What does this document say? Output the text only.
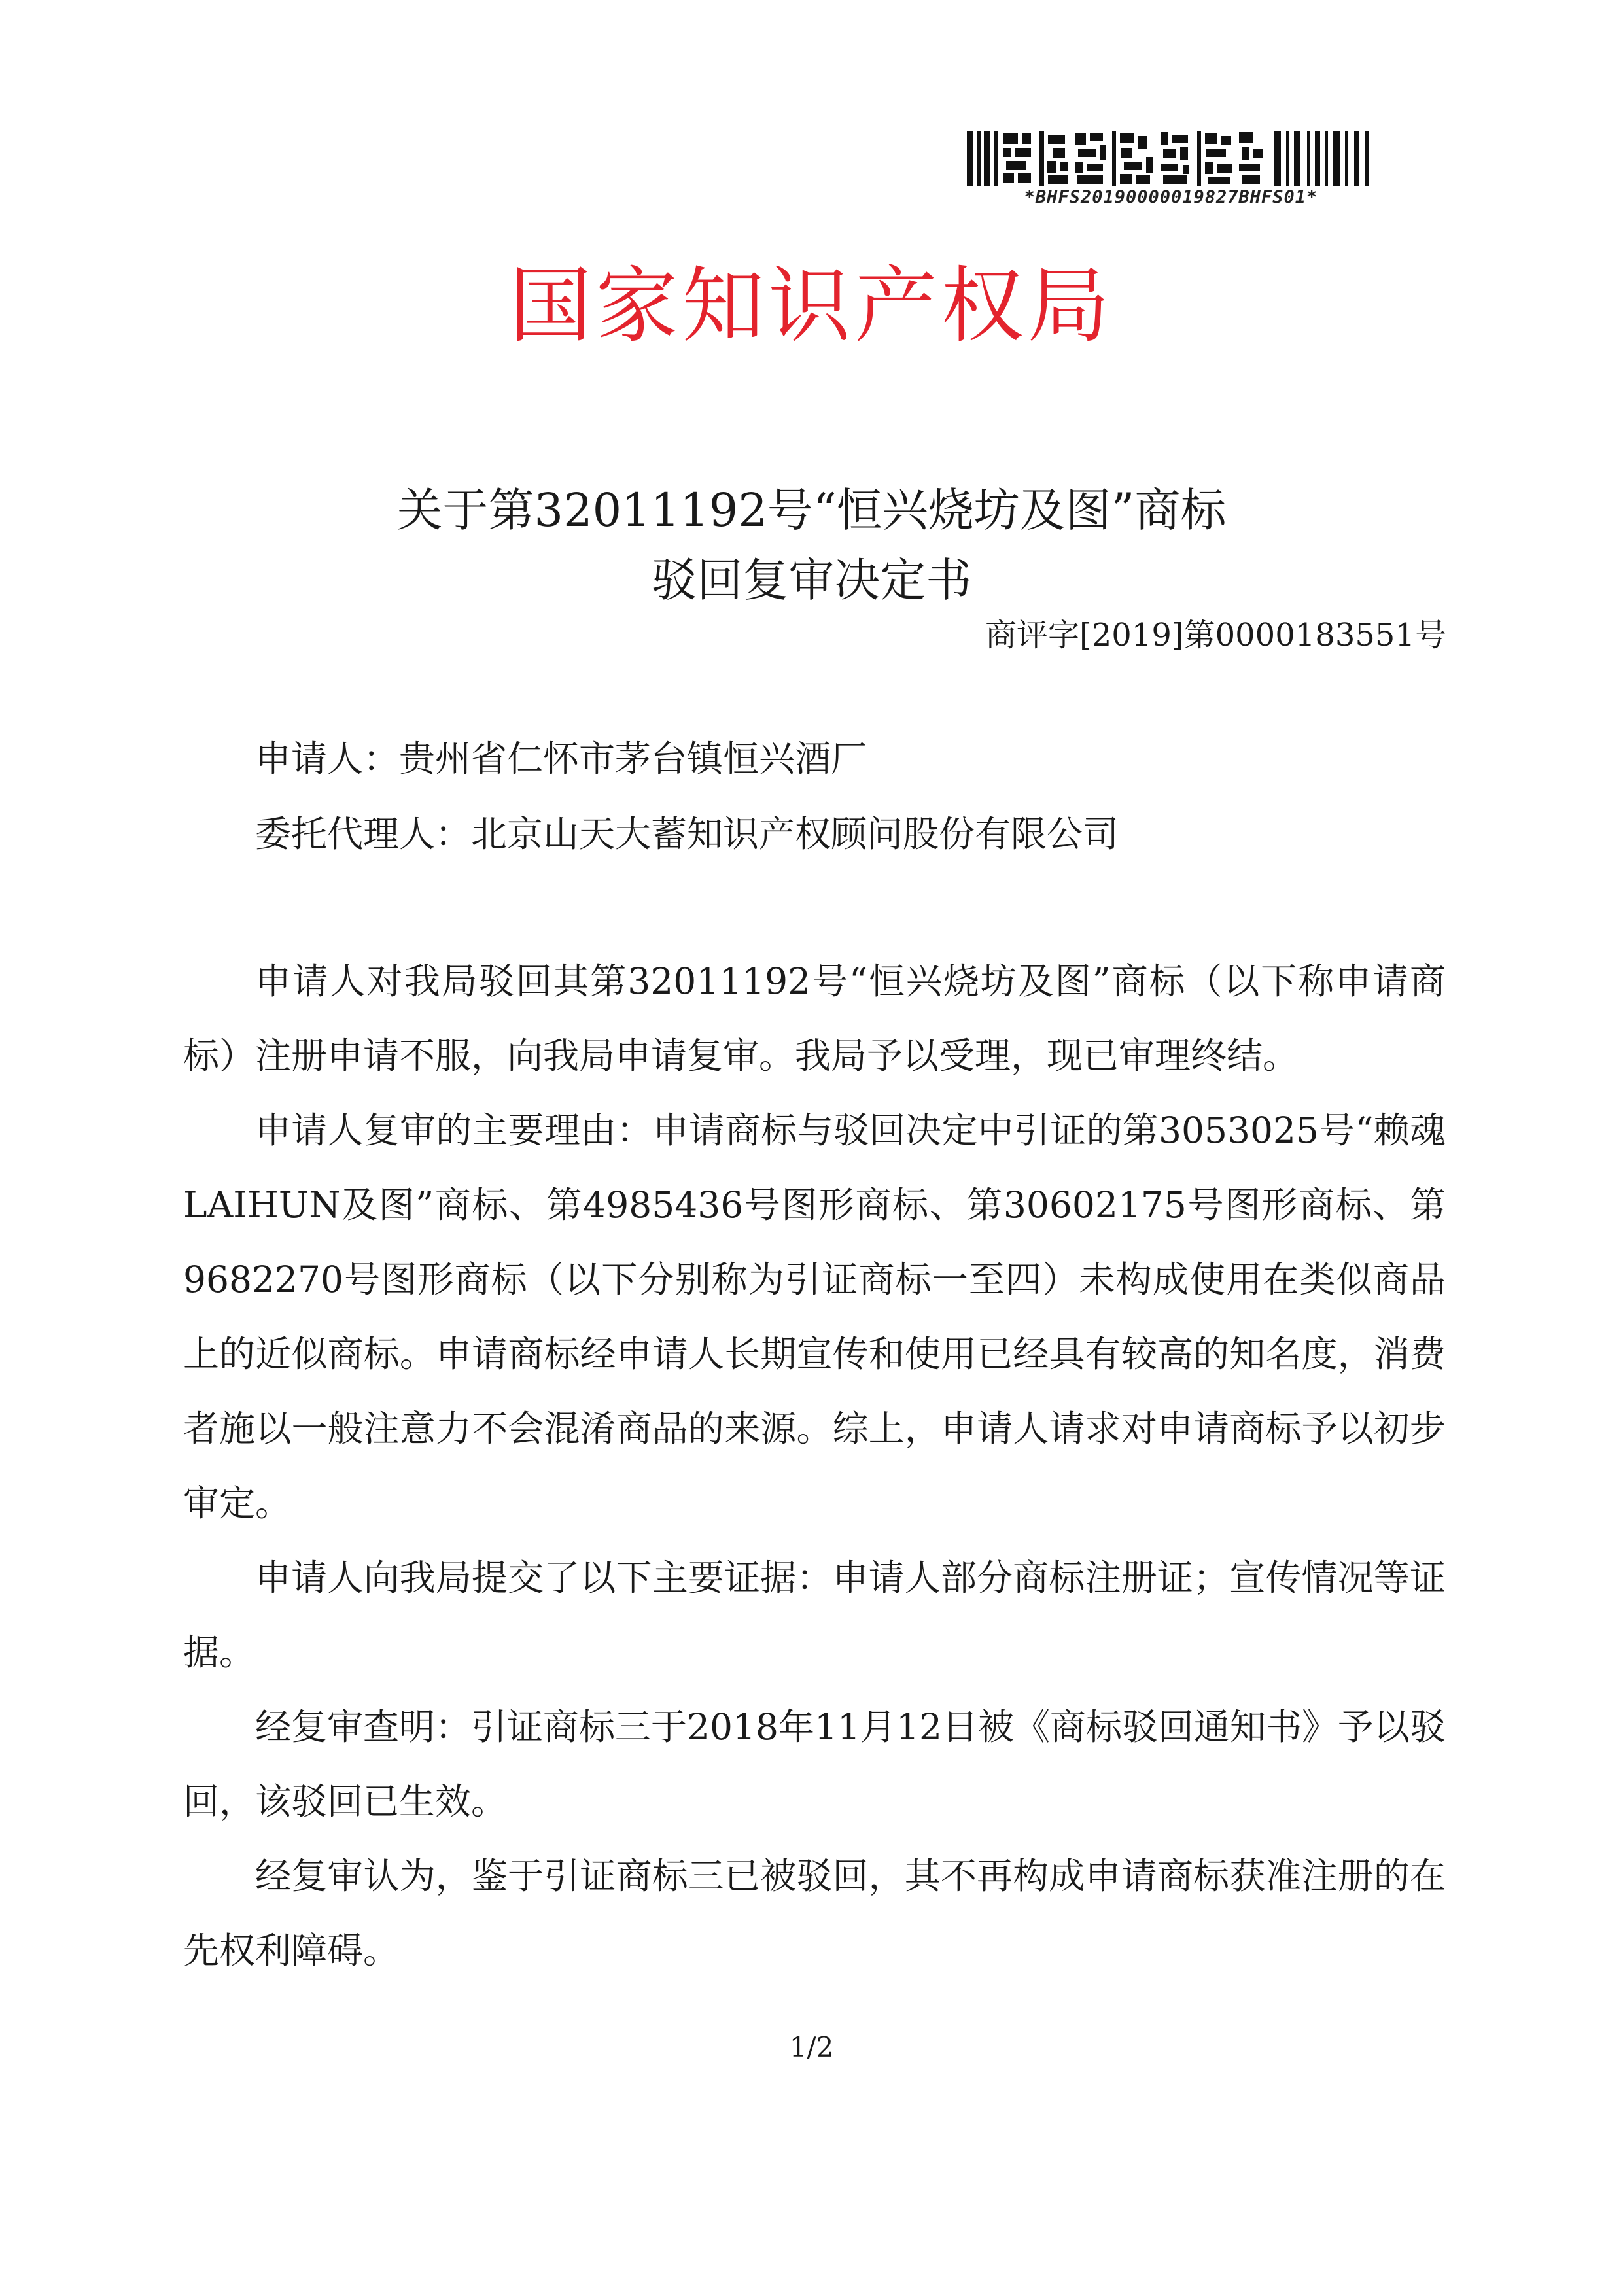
*BHFS20190000019827BHFS01*
国家知识产权局
关于第32011192号“恒兴烧坊及图”商标
驳回复审决定书
商评字[2019]第0000183551号
申请人：贵州省仁怀市茅台镇恒兴酒厂
委托代理人：北京山天大蓄知识产权顾问股份有限公司

申请人对我局驳回其第32011192号“恒兴烧坊及图”商标（以下称申请商标）注册申请不服，向我局申请复审。我局予以受理，现已审理终结。

申请人复审的主要理由：申请商标与驳回决定中引证的第3053025号“赖魂LAIHUN及图”商标、第4985436号图形商标、第30602175号图形商标、第9682270号图形商标（以下分别称为引证商标一至四）未构成使用在类似商品上的近似商标。申请商标经申请人长期宣传和使用已经具有较高的知名度，消费者施以一般注意力不会混淆商品的来源。综上，申请人请求对申请商标予以初步审定。

申请人向我局提交了以下主要证据：申请人部分商标注册证；宣传情况等证据。

经复审查明：引证商标三于2018年11月12日被《商标驳回通知书》予以驳回，该驳回已生效。

经复审认为，鉴于引证商标三已被驳回，其不再构成申请商标获准注册的在先权利障碍。

1/2
